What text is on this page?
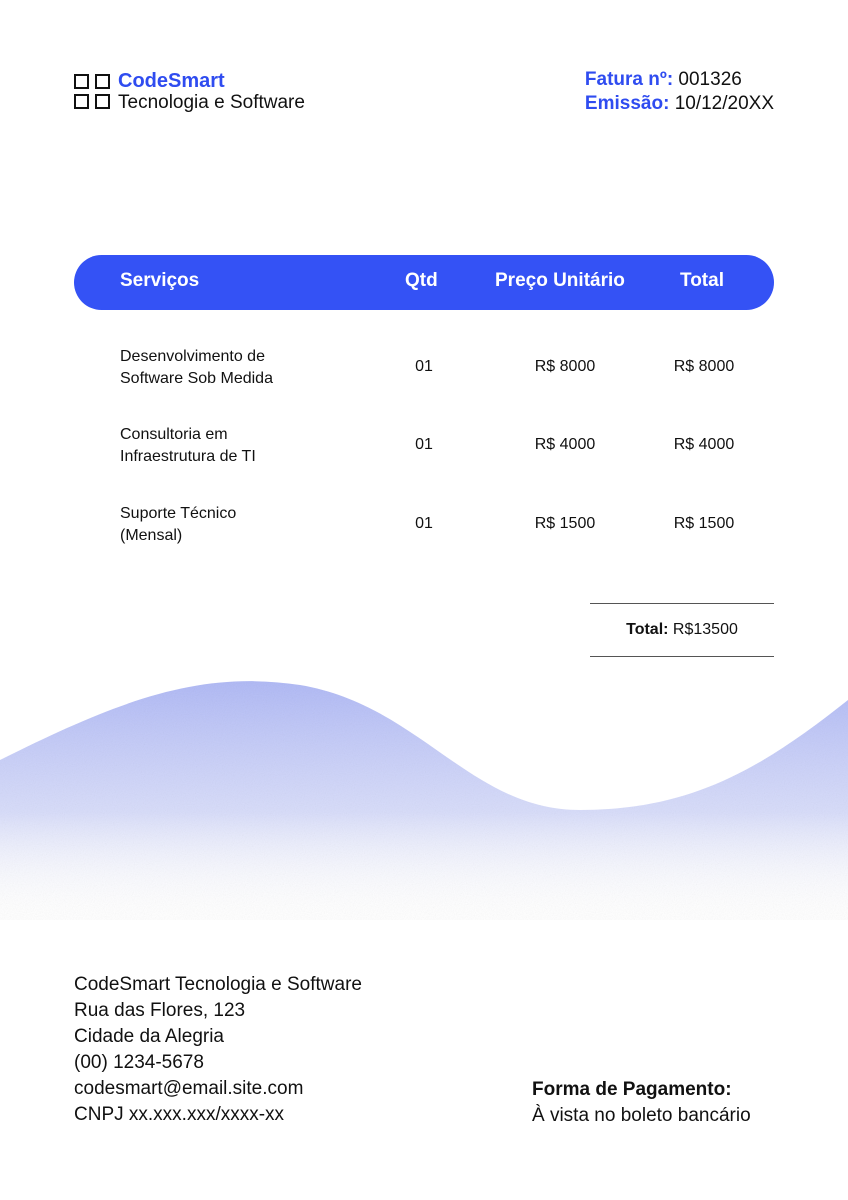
CodeSmart
Tecnologia e Software
Fatura nº: 001326
Emissão: 10/12/20XX
Serviços	Qtd	Preço Unitário	Total
Desenvolvimento de
Software Sob Medida
01	R$ 8000	R$ 8000
Consultoria em
Infraestrutura de TI
01	R$ 4000	R$ 4000
Suporte Técnico
(Mensal)
01	R$ 1500	R$ 1500
Total: R$13500
CodeSmart Tecnologia e Software
Rua das Flores, 123
Cidade da Alegria
(00) 1234-5678
codesmart@email.site.com
CNPJ xx.xxx.xxx/xxxx-xx
Forma de Pagamento:
À vista no boleto bancário
